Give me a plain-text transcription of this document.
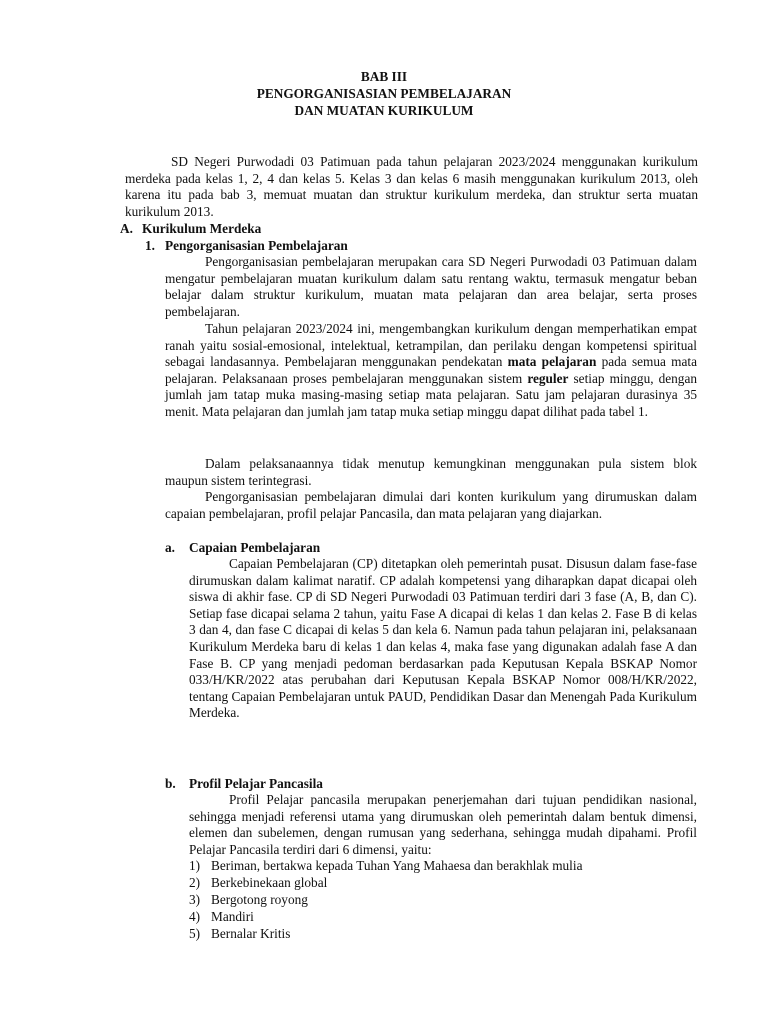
BAB III
PENGORGANISASIAN PEMBELAJARAN
DAN MUATAN KURIKULUM
SD Negeri Purwodadi 03 Patimuan pada tahun pelajaran 2023/2024 menggunakan kurikulum merdeka pada kelas 1, 2, 4 dan kelas 5. Kelas 3 dan kelas 6 masih menggunakan kurikulum 2013, oleh karena itu pada bab 3, memuat muatan dan struktur kurikulum merdeka, dan struktur serta muatan kurikulum 2013.
A. Kurikulum Merdeka
1. Pengorganisasian Pembelajaran
Pengorganisasian pembelajaran merupakan cara SD Negeri Purwodadi 03 Patimuan dalam mengatur pembelajaran muatan kurikulum dalam satu rentang waktu, termasuk mengatur beban belajar dalam struktur kurikulum, muatan mata pelajaran dan area belajar, serta proses pembelajaran.
Tahun pelajaran 2023/2024 ini, mengembangkan kurikulum dengan memperhatikan empat ranah yaitu sosial-emosional, intelektual, ketrampilan, dan perilaku dengan kompetensi spiritual sebagai landasannya. Pembelajaran menggunakan pendekatan mata pelajaran pada semua mata pelajaran. Pelaksanaan proses pembelajaran menggunakan sistem reguler setiap minggu, dengan jumlah jam tatap muka masing-masing setiap mata pelajaran. Satu jam pelajaran durasinya 35 menit. Mata pelajaran dan jumlah jam tatap muka setiap minggu dapat dilihat pada tabel 1.
Dalam pelaksanaannya tidak menutup kemungkinan menggunakan pula sistem blok maupun sistem terintegrasi.
Pengorganisasian pembelajaran dimulai dari konten kurikulum yang dirumuskan dalam capaian pembelajaran, profil pelajar Pancasila, dan mata pelajaran yang diajarkan.
a. Capaian Pembelajaran
Capaian Pembelajaran (CP) ditetapkan oleh pemerintah pusat. Disusun dalam fase-fase dirumuskan dalam kalimat naratif. CP adalah kompetensi yang diharapkan dapat dicapai oleh siswa di akhir fase. CP di SD Negeri Purwodadi 03 Patimuan terdiri dari 3 fase (A, B, dan C). Setiap fase dicapai selama 2 tahun, yaitu Fase A dicapai di kelas 1 dan kelas 2. Fase B di kelas 3 dan 4, dan fase C dicapai di kelas 5 dan kela 6. Namun pada tahun pelajaran ini, pelaksanaan Kurikulum Merdeka baru di kelas 1 dan kelas 4, maka fase yang digunakan adalah fase A dan Fase B. CP yang menjadi pedoman berdasarkan pada Keputusan Kepala BSKAP Nomor 033/H/KR/2022 atas perubahan dari Keputusan Kepala BSKAP Nomor 008/H/KR/2022, tentang Capaian Pembelajaran untuk PAUD, Pendidikan Dasar dan Menengah Pada Kurikulum Merdeka.
b. Profil Pelajar Pancasila
Profil Pelajar pancasila merupakan penerjemahan dari tujuan pendidikan nasional, sehingga menjadi referensi utama yang dirumuskan oleh pemerintah dalam bentuk dimensi, elemen dan subelemen, dengan rumusan yang sederhana, sehingga mudah dipahami. Profil Pelajar Pancasila terdiri dari 6 dimensi, yaitu:
1) Beriman, bertakwa kepada Tuhan Yang Mahaesa dan berakhlak mulia
2) Berkebinekaan global
3) Bergotong royong
4) Mandiri
5) Bernalar Kritis
